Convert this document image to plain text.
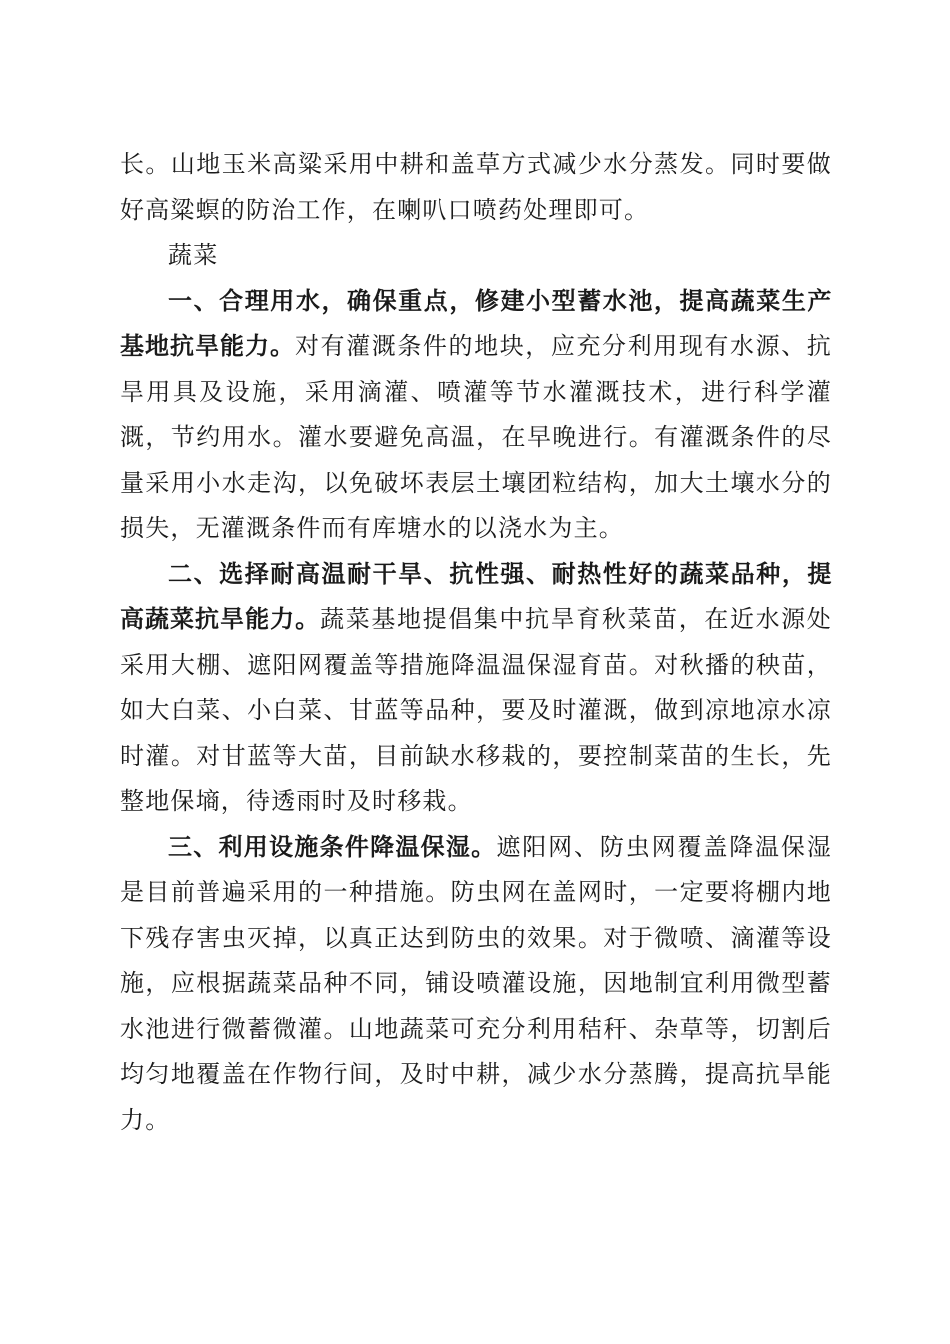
长。山地玉米高粱采用中耕和盖草方式减少水分蒸发。同时要做好高粱螟的防治工作，在喇叭口喷药处理即可。

蔬菜

一、合理用水，确保重点，修建小型蓄水池，提高蔬菜生产基地抗旱能力。对有灌溉条件的地块，应充分利用现有水源、抗旱用具及设施，采用滴灌、喷灌等节水灌溉技术，进行科学灌溉，节约用水。灌水要避免高温，在早晚进行。有灌溉条件的尽量采用小水走沟，以免破坏表层土壤团粒结构，加大土壤水分的损失，无灌溉条件而有库塘水的以浇水为主。

二、选择耐高温耐干旱、抗性强、耐热性好的蔬菜品种，提高蔬菜抗旱能力。蔬菜基地提倡集中抗旱育秋菜苗，在近水源处采用大棚、遮阳网覆盖等措施降温温保湿育苗。对秋播的秧苗，如大白菜、小白菜、甘蓝等品种，要及时灌溉，做到凉地凉水凉时灌。对甘蓝等大苗，目前缺水移栽的，要控制菜苗的生长，先整地保墒，待透雨时及时移栽。

三、利用设施条件降温保湿。遮阳网、防虫网覆盖降温保湿是目前普遍采用的一种措施。防虫网在盖网时，一定要将棚内地下残存害虫灭掉，以真正达到防虫的效果。对于微喷、滴灌等设施，应根据蔬菜品种不同，铺设喷灌设施，因地制宜利用微型蓄水池进行微蓄微灌。山地蔬菜可充分利用秸秆、杂草等，切割后均匀地覆盖在作物行间，及时中耕，减少水分蒸腾，提高抗旱能力。
